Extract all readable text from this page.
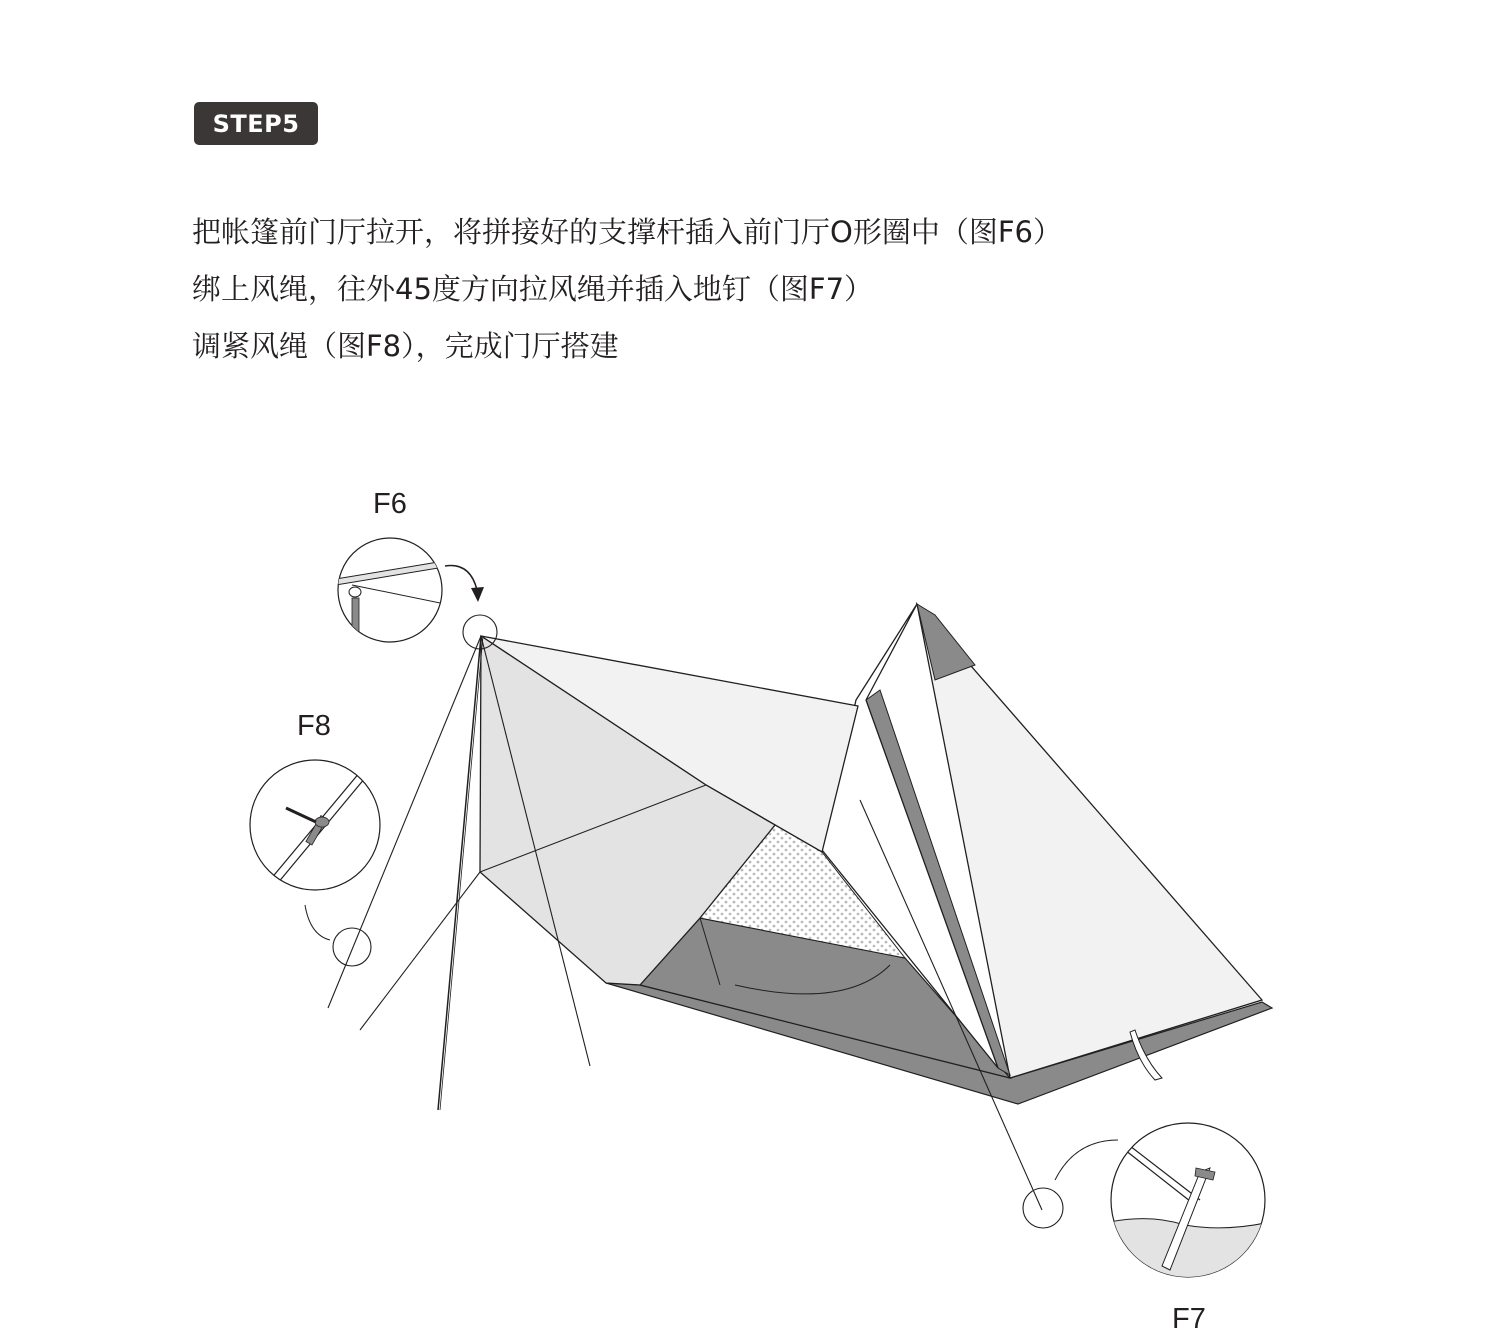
STEP5
把帐篷前门厅拉开，将拼接好的支撑杆插入前门厅O形圈中（图F6）
绑上风绳，往外45度方向拉风绳并插入地钉（图F7）
调紧风绳（图F8），完成门厅搭建
F6
F8
F7
